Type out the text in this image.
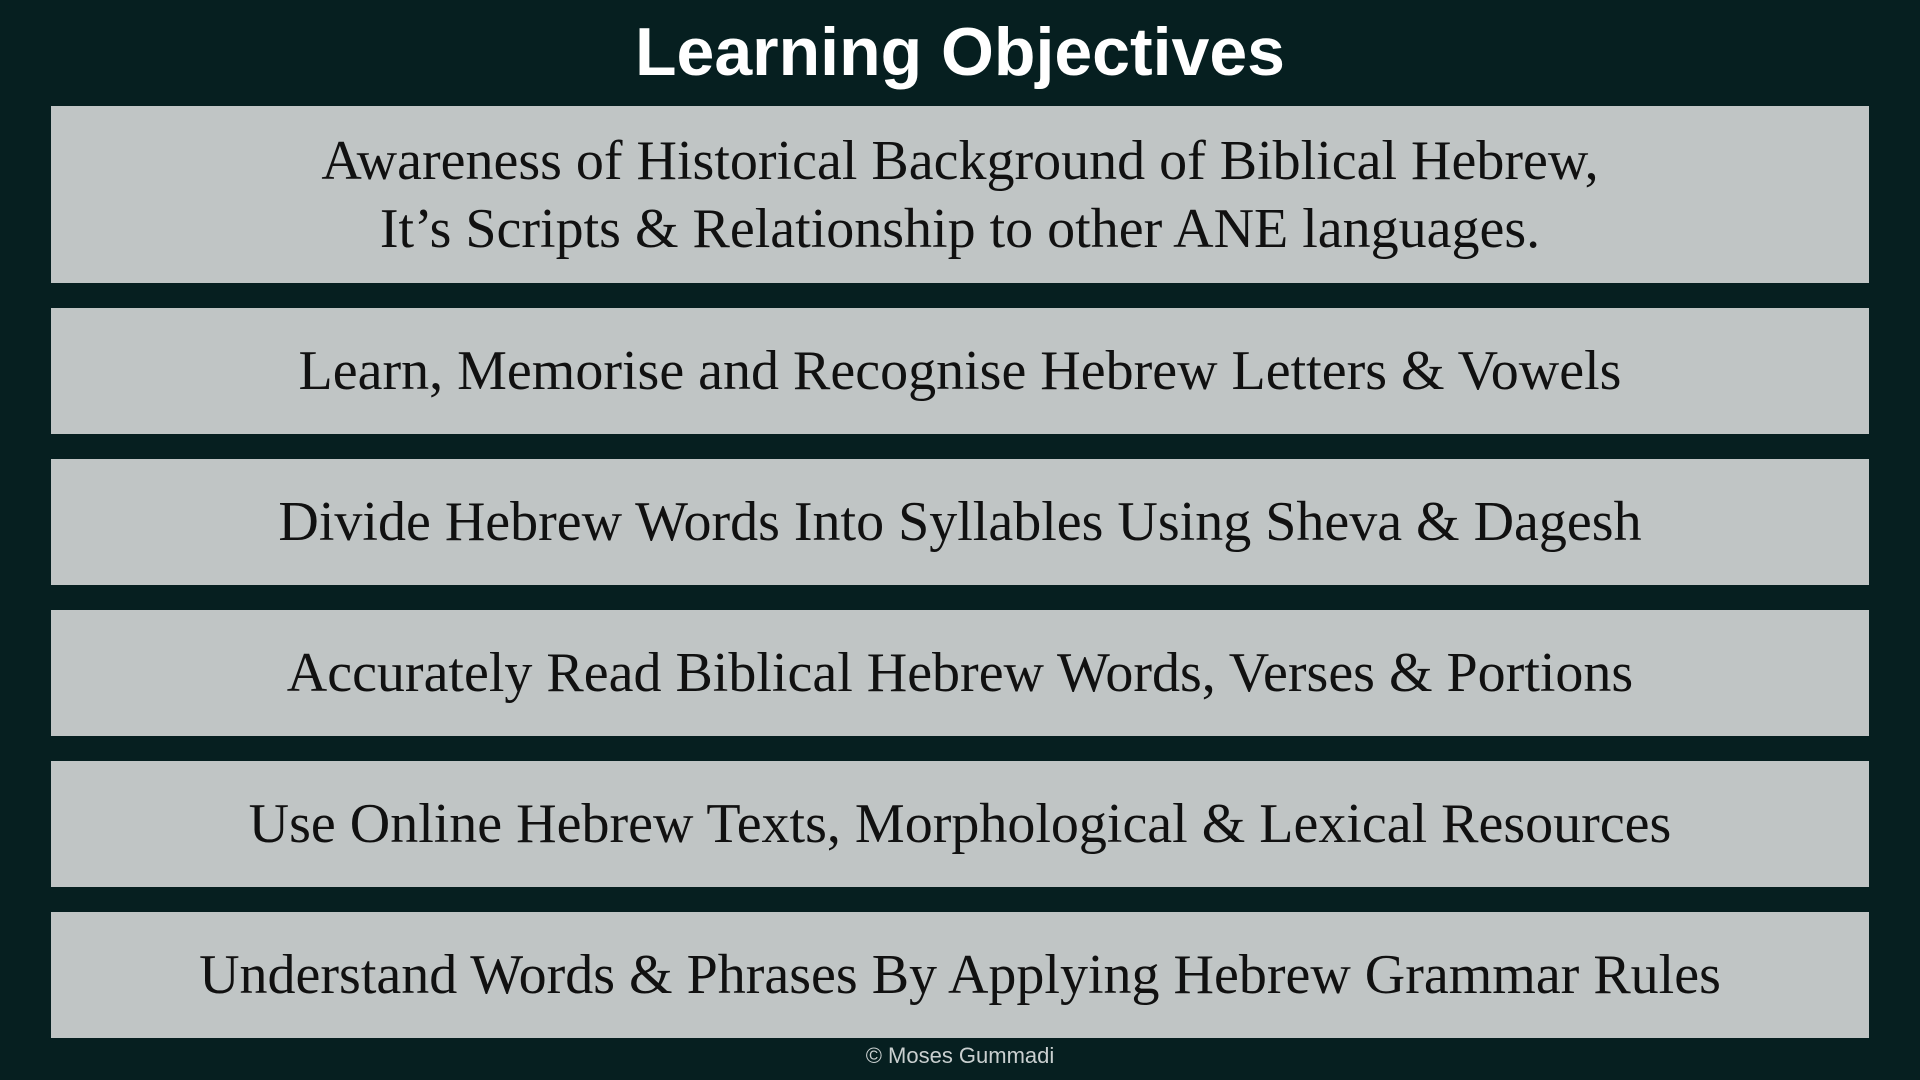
Learning Objectives
Awareness of Historical Background of Biblical Hebrew,
It’s Scripts & Relationship to other ANE languages.
Learn, Memorise and Recognise Hebrew Letters & Vowels
Divide Hebrew Words Into Syllables Using Sheva & Dagesh
Accurately Read Biblical Hebrew Words, Verses & Portions
Use Online Hebrew Texts, Morphological & Lexical Resources
Understand Words & Phrases By Applying Hebrew Grammar Rules
© Moses Gummadi
